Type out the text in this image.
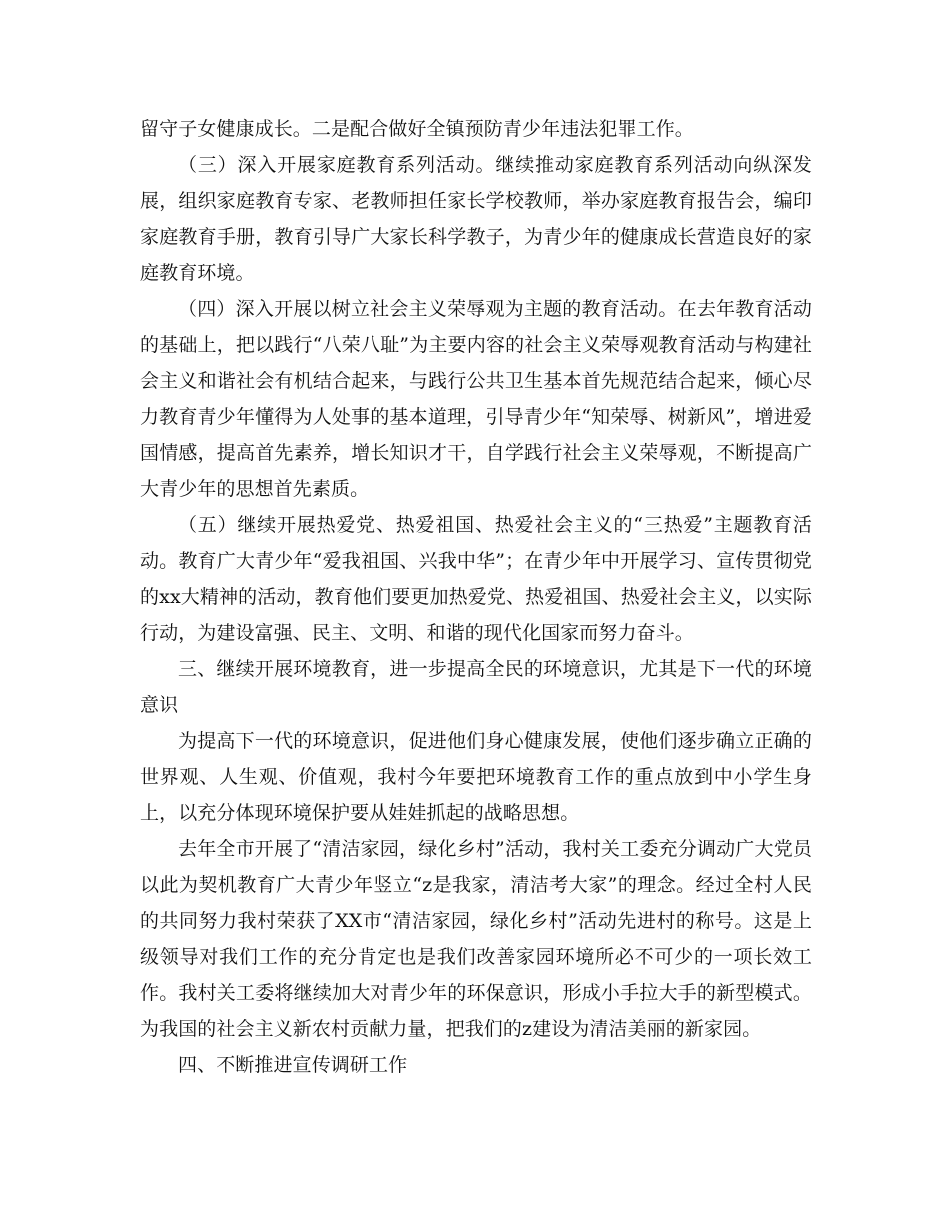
留守子女健康成长。二是配合做好全镇预防青少年违法犯罪工作。

（三）深入开展家庭教育系列活动。继续推动家庭教育系列活动向纵深发展，组织家庭教育专家、老教师担任家长学校教师，举办家庭教育报告会，编印家庭教育手册，教育引导广大家长科学教子，为青少年的健康成长营造良好的家庭教育环境。

（四）深入开展以树立社会主义荣辱观为主题的教育活动。在去年教育活动的基础上，把以践行“八荣八耻”为主要内容的社会主义荣辱观教育活动与构建社会主义和谐社会有机结合起来，与践行公共卫生基本首先规范结合起来，倾心尽力教育青少年懂得为人处事的基本道理，引导青少年“知荣辱、树新风”，增进爱国情感，提高首先素养，增长知识才干，自学践行社会主义荣辱观，不断提高广大青少年的思想首先素质。

（五）继续开展热爱党、热爱祖国、热爱社会主义的“三热爱”主题教育活动。教育广大青少年“爱我祖国、兴我中华”；在青少年中开展学习、宣传贯彻党的xx大精神的活动，教育他们要更加热爱党、热爱祖国、热爱社会主义，以实际行动，为建设富强、民主、文明、和谐的现代化国家而努力奋斗。

三、继续开展环境教育，进一步提高全民的环境意识，尤其是下一代的环境意识

为提高下一代的环境意识，促进他们身心健康发展，使他们逐步确立正确的世界观、人生观、价值观，我村今年要把环境教育工作的重点放到中小学生身上，以充分体现环境保护要从娃娃抓起的战略思想。

去年全市开展了“清洁家园，绿化乡村”活动，我村关工委充分调动广大党员以此为契机教育广大青少年竖立“z是我家，清洁考大家”的理念。经过全村人民的共同努力我村荣获了XX市“清洁家园，绿化乡村”活动先进村的称号。这是上级领导对我们工作的充分肯定也是我们改善家园环境所必不可少的一项长效工作。我村关工委将继续加大对青少年的环保意识，形成小手拉大手的新型模式。为我国的社会主义新农村贡献力量，把我们的z建设为清洁美丽的新家园。

四、不断推进宣传调研工作
